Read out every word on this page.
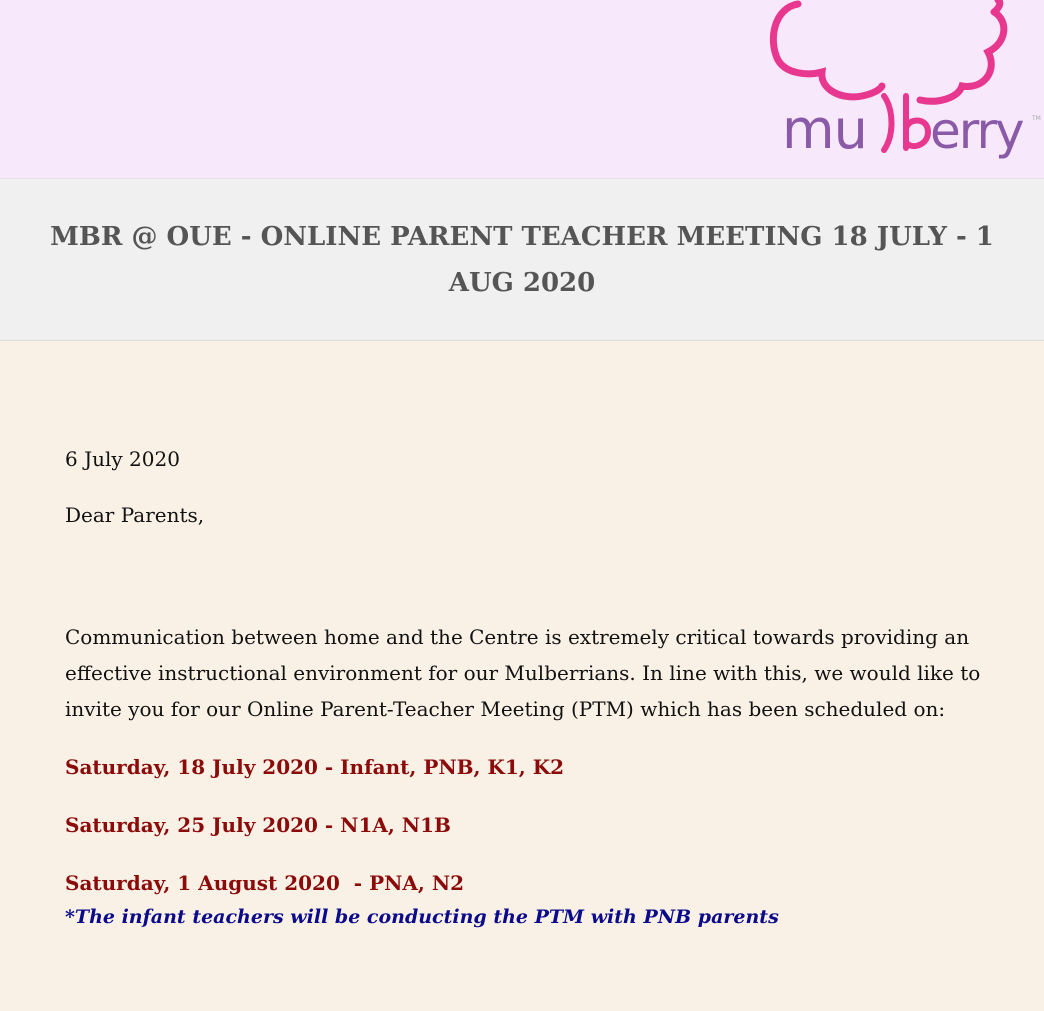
mu erry TM
MBR @ OUE - ONLINE PARENT TEACHER MEETING 18 JULY - 1 AUG 2020

6 July 2020

Dear Parents,

Communication between home and the Centre is extremely critical towards providing an effective instructional environment for our Mulberrians. In line with this, we would like to invite you for our Online Parent-Teacher Meeting (PTM) which has been scheduled on:

Saturday, 18 July 2020 - Infant, PNB, K1, K2

Saturday, 25 July 2020 - N1A, N1B

Saturday, 1 August 2020  - PNA, N2

*The infant teachers will be conducting the PTM with PNB parents
